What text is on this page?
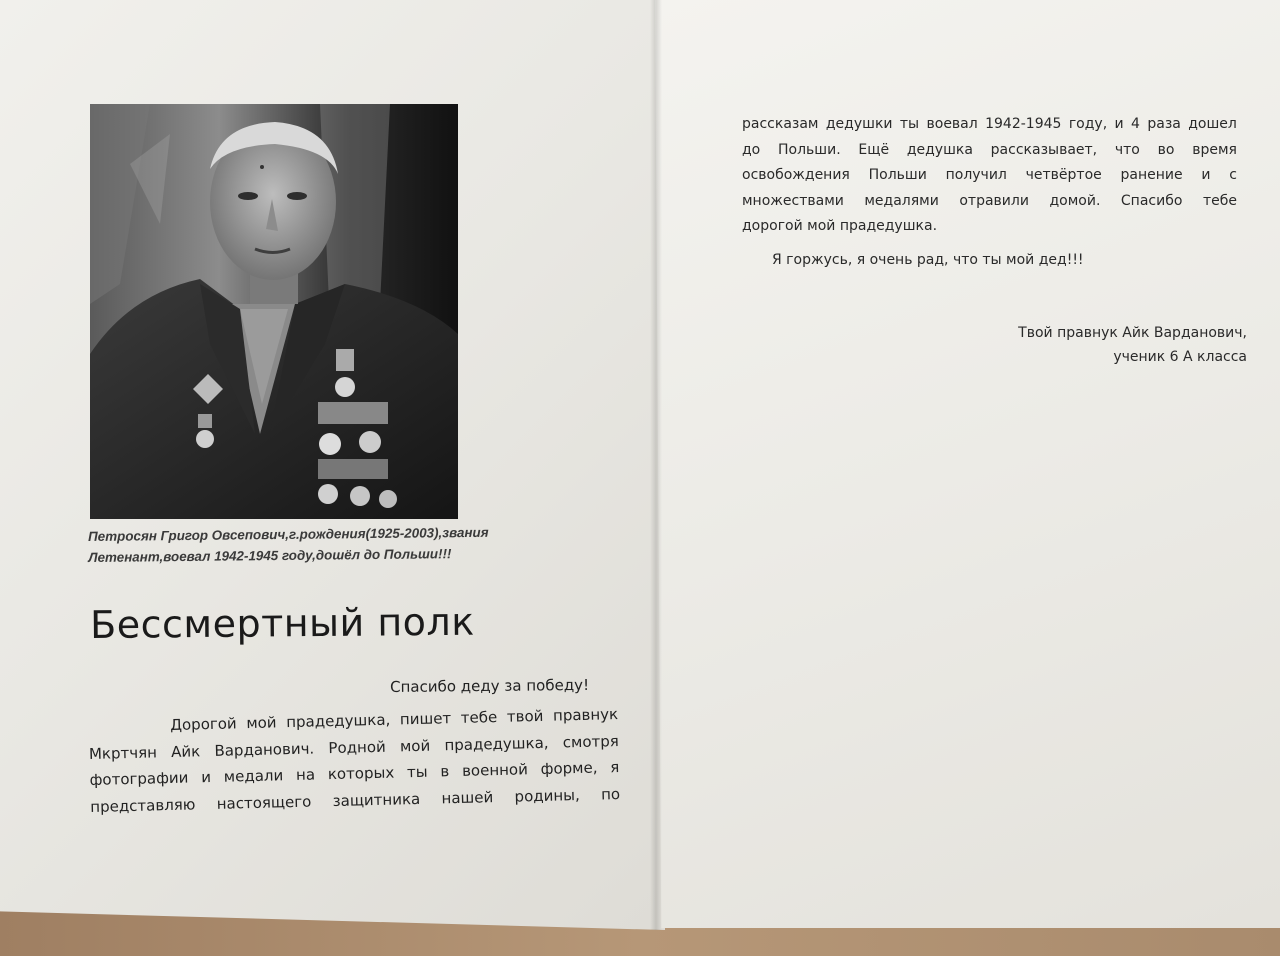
Петросян Григор Овсепович,г.рождения(1925-2003),звания
Летенант,воевал 1942-1945 году,дошёл до Польши!!!
Бессмертный полк
Спасибо деду за победу!
Дорогой мой прадедушка, пишет тебе твой правнук
Мкртчян Айк Варданович. Родной мой прадедушка, смотря
фотографии и медали на которых ты в военной форме, я
представляю настоящего защитника нашей родины, по
рассказам дедушки ты воевал 1942-1945 году, и 4 раза дошел
до Польши. Ещё дедушка рассказывает, что во время
освобождения Польши получил четвёртое ранение и с
множествами медалями отравили домой. Спасибо тебе
дорогой мой прадедушка.
Я горжусь, я очень рад, что ты мой дед!!!
Твой правнук Айк Варданович,
ученик 6 А класса
